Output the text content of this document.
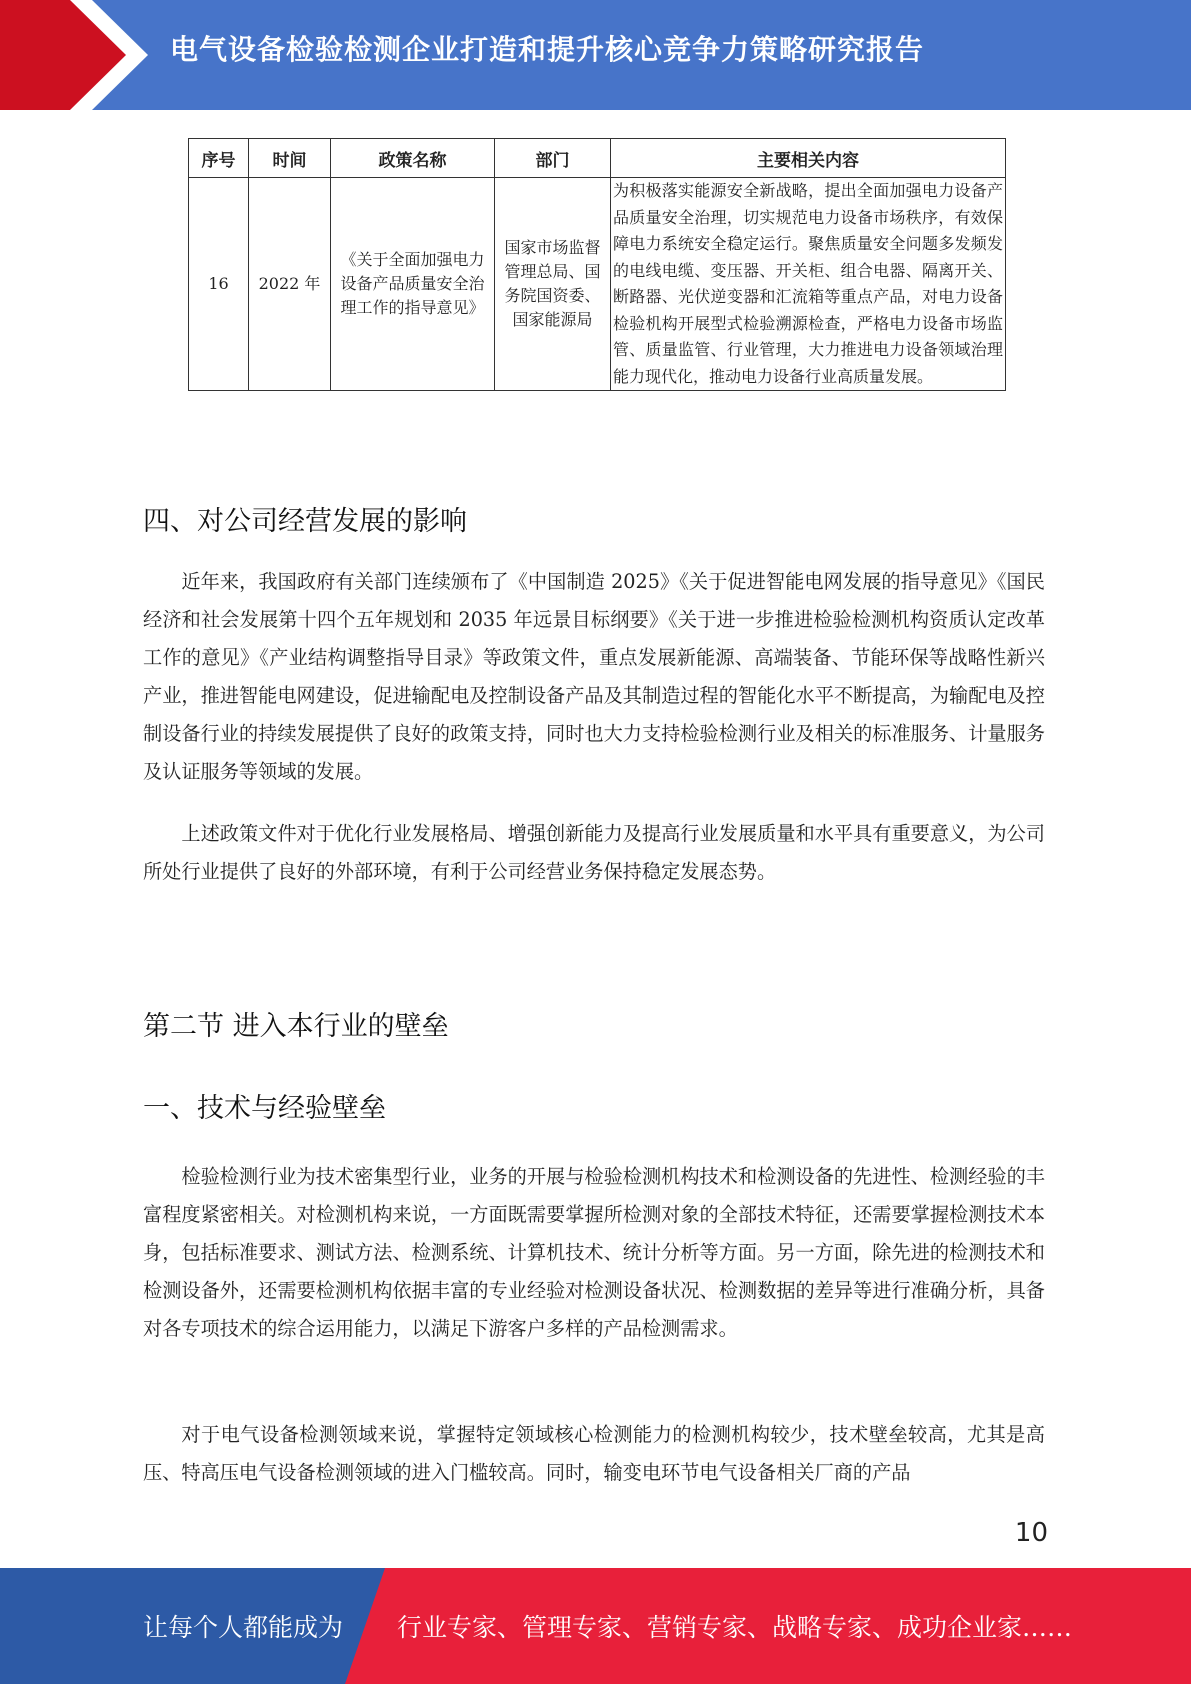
电气设备检验检测企业打造和提升核心竞争力策略研究报告
序号	时间	政策名称	部门	主要相关内容
16	2022 年	《关于全面加强电力设备产品质量安全治理工作的指导意见》	国家市场监督管理总局、国务院国资委、国家能源局	为积极落实能源安全新战略，提出全面加强电力设备产品质量安全治理，切实规范电力设备市场秩序，有效保障电力系统安全稳定运行。聚焦质量安全问题多发频发的电线电缆、变压器、开关柜、组合电器、隔离开关、断路器、光伏逆变器和汇流箱等重点产品，对电力设备检验机构开展型式检验溯源检查，严格电力设备市场监管、质量监管、行业管理，大力推进电力设备领域治理能力现代化，推动电力设备行业高质量发展。
四、对公司经营发展的影响
近年来，我国政府有关部门连续颁布了《中国制造 2025》《关于促进智能电网发展的指导意见》《国民经济和社会发展第十四个五年规划和 2035 年远景目标纲要》《关于进一步推进检验检测机构资质认定改革工作的意见》《产业结构调整指导目录》等政策文件，重点发展新能源、高端装备、节能环保等战略性新兴产业，推进智能电网建设，促进输配电及控制设备产品及其制造过程的智能化水平不断提高，为输配电及控制设备行业的持续发展提供了良好的政策支持，同时也大力支持检验检测行业及相关的标准服务、计量服务及认证服务等领域的发展。
上述政策文件对于优化行业发展格局、增强创新能力及提高行业发展质量和水平具有重要意义，为公司所处行业提供了良好的外部环境，有利于公司经营业务保持稳定发展态势。
第二节 进入本行业的壁垒
一、技术与经验壁垒
检验检测行业为技术密集型行业，业务的开展与检验检测机构技术和检测设备的先进性、检测经验的丰富程度紧密相关。对检测机构来说，一方面既需要掌握所检测对象的全部技术特征，还需要掌握检测技术本身，包括标准要求、测试方法、检测系统、计算机技术、统计分析等方面。另一方面，除先进的检测技术和检测设备外，还需要检测机构依据丰富的专业经验对检测设备状况、检测数据的差异等进行准确分析，具备对各专项技术的综合运用能力，以满足下游客户多样的产品检测需求。
对于电气设备检测领域来说，掌握特定领域核心检测能力的检测机构较少，技术壁垒较高，尤其是高压、特高压电气设备检测领域的进入门槛较高。同时，输变电环节电气设备相关厂商的产品
10
让每个人都能成为 行业专家、管理专家、营销专家、战略专家、成功企业家……
